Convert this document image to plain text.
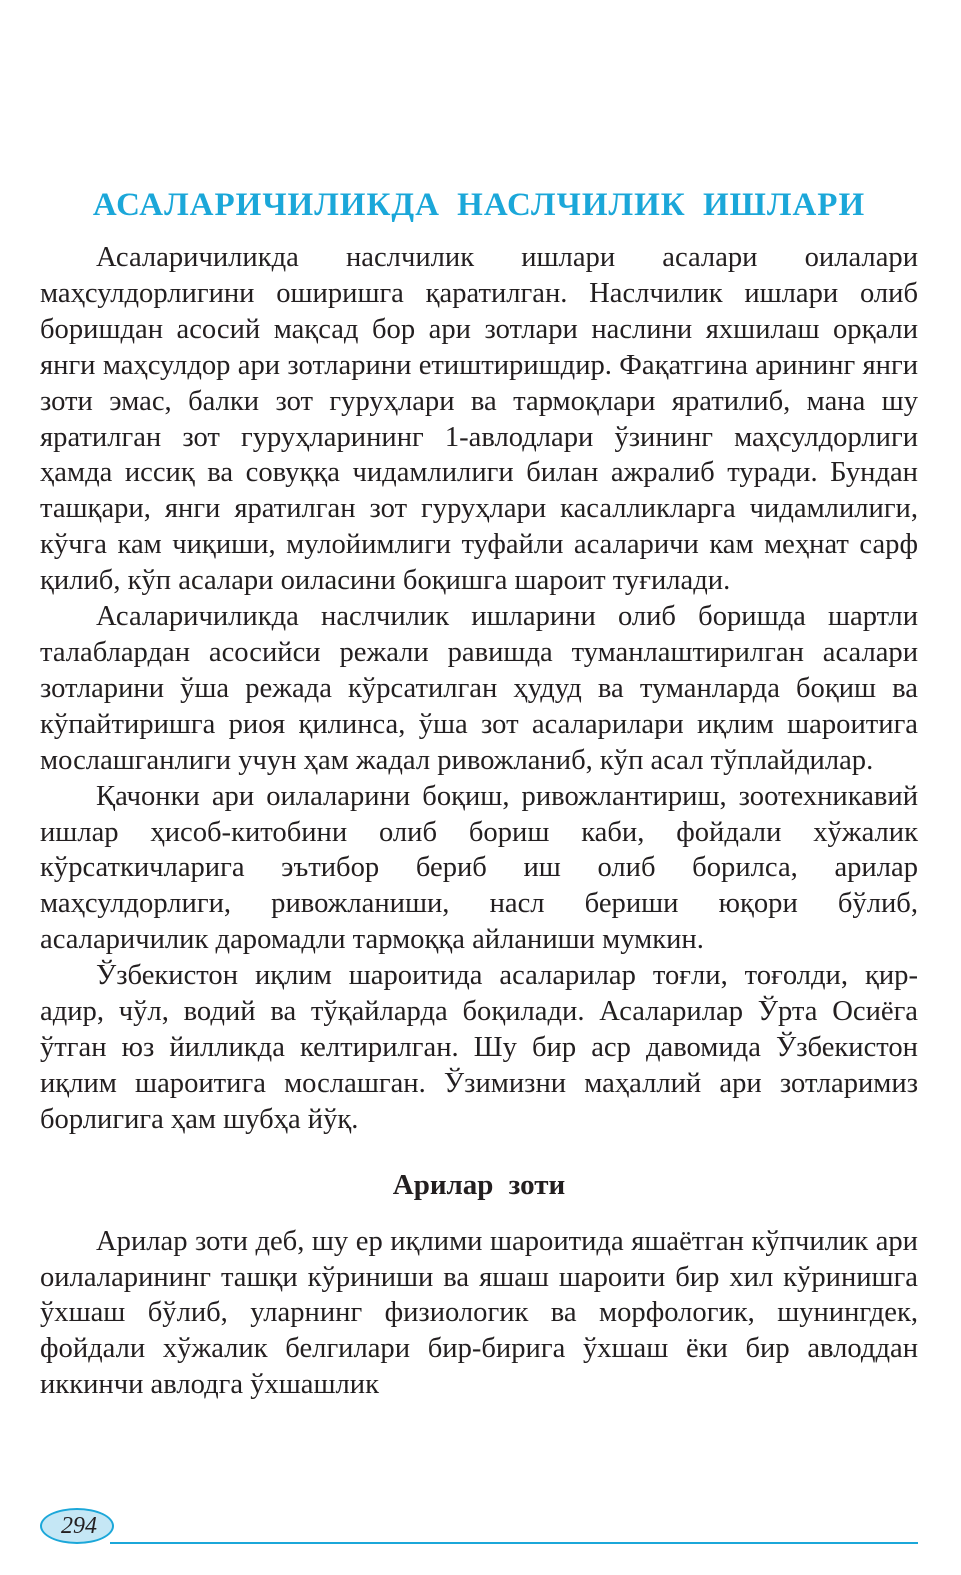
АСАЛАРИЧИЛИКДА НАСЛЧИЛИК ИШЛАРИ

Асаларичиликда наслчилик ишлари асалари оилалари маҳсулдорлигини оширишга қаратилган. Наслчилик ишлари олиб боришдан асосий мақсад бор ари зотлари наслини яхшилаш орқали янги маҳсулдор ари зотларини етиштиришдир. Фақатгина арининг янги зоти эмас, балки зот гуруҳлари ва тармоқлари яратилиб, мана шу яратилган зот гуруҳларининг 1-авлодлари ўзининг маҳсулдорлиги ҳамда иссиқ ва совуққа чидамлилиги билан ажралиб туради. Бундан ташқари, янги яратилган зот гуруҳлари касалликларга чидамлилиги, кўчга кам чиқиши, мулойимлиги туфайли асаларичи кам меҳнат сарф қилиб, кўп асалари оиласини боқишга шароит туғилади.

Асаларичиликда наслчилик ишларини олиб боришда шартли талаблардан асосийси режали равишда туманлаштирилган асалари зотларини ўша режада кўрсатилган ҳудуд ва туманларда боқиш ва кўпайтиришга риоя қилинса, ўша зот асаларилари иқлим шароитига мослашганлиги учун ҳам жадал ривожланиб, кўп асал тўплайдилар.

Қачонки ари оилаларини боқиш, ривожлантириш, зоотехникавий ишлар ҳисоб-китобини олиб бориш каби, фойдали хўжалик кўрсаткичларига эътибор бериб иш олиб борилса, арилар маҳсулдорлиги, ривожланиши, насл бериши юқори бўлиб, асаларичилик даромадли тармоққа айланиши мумкин.

Ўзбекистон иқлим шароитида асаларилар тоғли, тоғолди, қир-адир, чўл, водий ва тўқайларда боқилади. Асаларилар Ўрта Осиёга ўтган юз йилликда келтирилган. Шу бир аср давомида Ўзбекистон иқлим шароитига мослашган. Ўзимизни маҳаллий ари зотларимиз борлигига ҳам шубҳа йўқ.

Арилар зоти

Арилар зоти деб, шу ер иқлими шароитида яшаётган кўпчилик ари оилаларининг ташқи кўриниши ва яшаш шароити бир хил кўринишга ўхшаш бўлиб, уларнинг физиологик ва морфологик, шунингдек, фойдали хўжалик белгилари бир-бирига ўхшаш ёки бир авлоддан иккинчи авлодга ўхшашлик

294
